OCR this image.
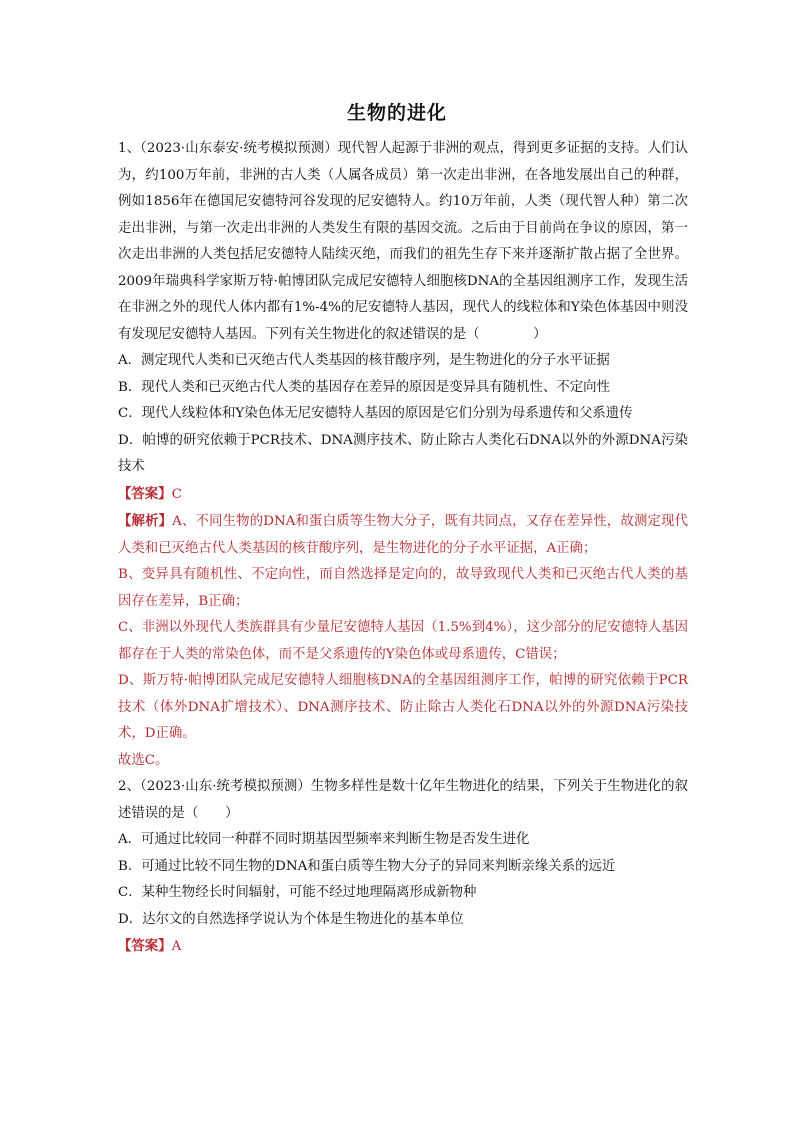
生物的进化

1、（2023·山东泰安·统考模拟预测）现代智人起源于非洲的观点，得到更多证据的支持。人们认为，约100万年前，非洲的古人类（人属各成员）第一次走出非洲，在各地发展出自己的种群，例如1856年在德国尼安德特河谷发现的尼安德特人。约10万年前，人类（现代智人种）第二次走出非洲，与第一次走出非洲的人类发生有限的基因交流。之后由于目前尚在争议的原因，第一次走出非洲的人类包括尼安德特人陆续灭绝，而我们的祖先生存下来并逐渐扩散占据了全世界。2009年瑞典科学家斯万特·帕博团队完成尼安德特人细胞核DNA的全基因组测序工作，发现生活在非洲之外的现代人体内都有1%-4%的尼安德特人基因，现代人的线粒体和Y染色体基因中则没有发现尼安德特人基因。下列有关生物进化的叙述错误的是（　　　　）

A．测定现代人类和已灭绝古代人类基因的核苷酸序列，是生物进化的分子水平证据

B．现代人类和已灭绝古代人类的基因存在差异的原因是变异具有随机性、不定向性

C．现代人线粒体和Y染色体无尼安德特人基因的原因是它们分别为母系遗传和父系遗传

D．帕博的研究依赖于PCR技术、DNA测序技术、防止除古人类化石DNA以外的外源DNA污染技术

【答案】C

【解析】A、不同生物的DNA和蛋白质等生物大分子，既有共同点，又存在差异性，故测定现代人类和已灭绝古代人类基因的核苷酸序列，是生物进化的分子水平证据，A正确；

B、变异具有随机性、不定向性，而自然选择是定向的，故导致现代人类和已灭绝古代人类的基因存在差异，B正确；

C、非洲以外现代人类族群具有少量尼安德特人基因（1.5%到4%），这少部分的尼安德特人基因都存在于人类的常染色体，而不是父系遗传的Y染色体或母系遗传，C错误；

D、斯万特·帕博团队完成尼安德特人细胞核DNA的全基因组测序工作，帕博的研究依赖于PCR技术（体外DNA扩增技术）、DNA测序技术、防止除古人类化石DNA以外的外源DNA污染技术，D正确。

故选C。

2、（2023·山东·统考模拟预测）生物多样性是数十亿年生物进化的结果，下列关于生物进化的叙述错误的是（　　）

A．可通过比较同一种群不同时期基因型频率来判断生物是否发生进化

B．可通过比较不同生物的DNA和蛋白质等生物大分子的异同来判断亲缘关系的远近

C．某种生物经长时间辐射，可能不经过地理隔离形成新物种

D．达尔文的自然选择学说认为个体是生物进化的基本单位

【答案】A
